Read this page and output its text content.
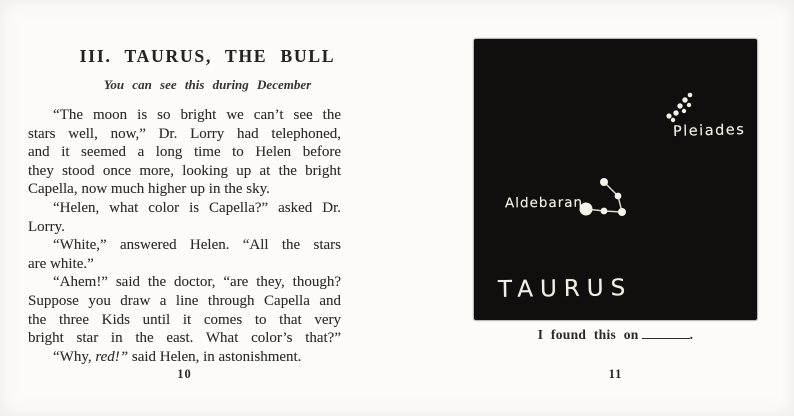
III. TAURUS, THE BULL
You can see this during December
“The moon is so bright we can’t see the
stars well, now,” Dr. Lorry had telephoned,
and it seemed a long time to Helen before
they stood once more, looking up at the bright
Capella, now much higher up in the sky.
“Helen, what color is Capella?” asked Dr.
Lorry.
“White,” answered Helen. “All the stars
are white.”
“Ahem!” said the doctor, “are they, though?
Suppose you draw a line through Capella and
the three Kids until it comes to that very
bright star in the east. What color’s that?”
“Why, red!” said Helen, in astonishment.
10
Pleiades
Aldebaran
TAURUS
I found this on	.
11
